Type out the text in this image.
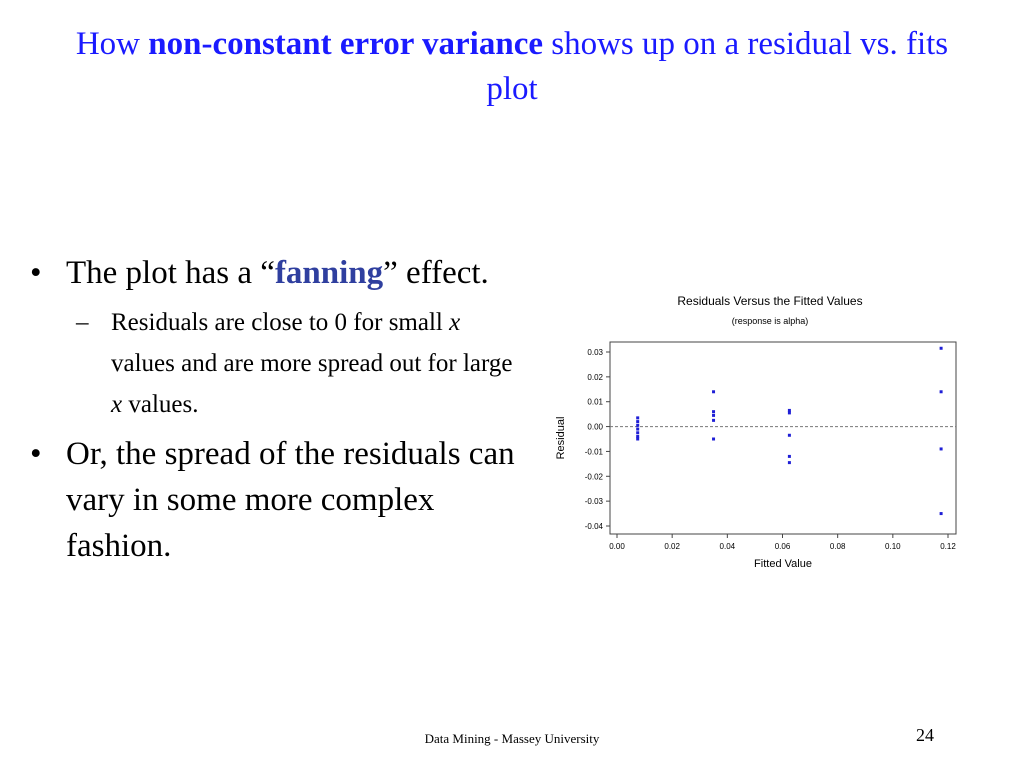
How non-constant error variance shows up on a residual vs. fits plot
• The plot has a “fanning” effect.
– Residuals are close to 0 for small x values and are more spread out for large x values.
• Or, the spread of the residuals can vary in some more complex fashion.
Residuals Versus the Fitted Values
(response is alpha)
0.03
0.02
0.01
0.00
-0.01
-0.02
-0.03
-0.04
0.00	0.02	0.04	0.06	0.08	0.10	0.12
Fitted Value
Residual
Data Mining - Massey University	24
